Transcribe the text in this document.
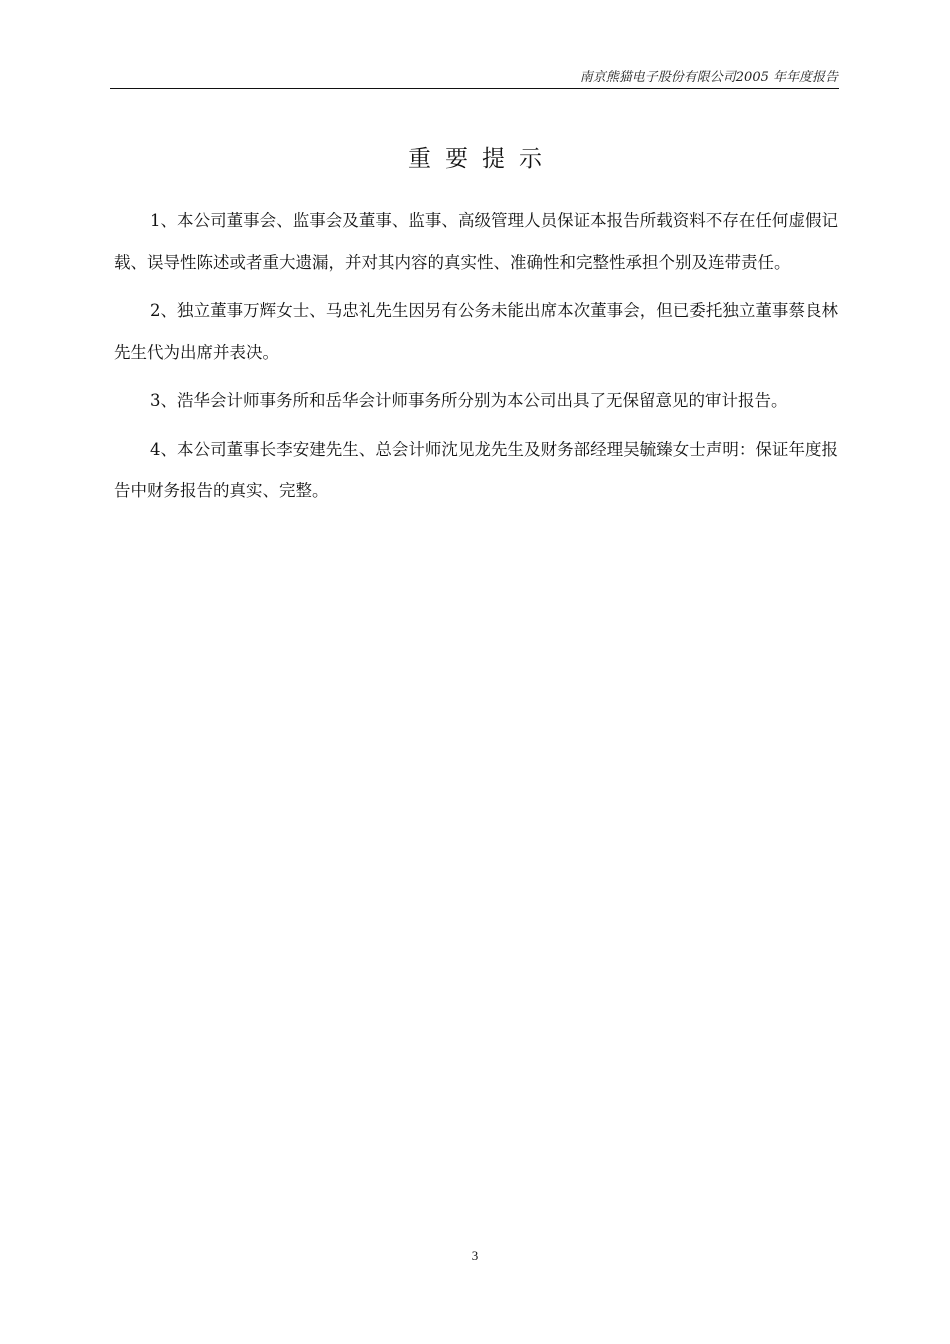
南京熊猫电子股份有限公司2005 年年度报告
重要提示

1、本公司董事会、监事会及董事、监事、高级管理人员保证本报告所载资料不存在任何虚假记载、误导性陈述或者重大遗漏，并对其内容的真实性、准确性和完整性承担个别及连带责任。

2、独立董事万辉女士、马忠礼先生因另有公务未能出席本次董事会，但已委托独立董事蔡良林先生代为出席并表决。

3、浩华会计师事务所和岳华会计师事务所分别为本公司出具了无保留意见的审计报告。

4、本公司董事长李安建先生、总会计师沈见龙先生及财务部经理吴毓臻女士声明：保证年度报告中财务报告的真实、完整。

3
